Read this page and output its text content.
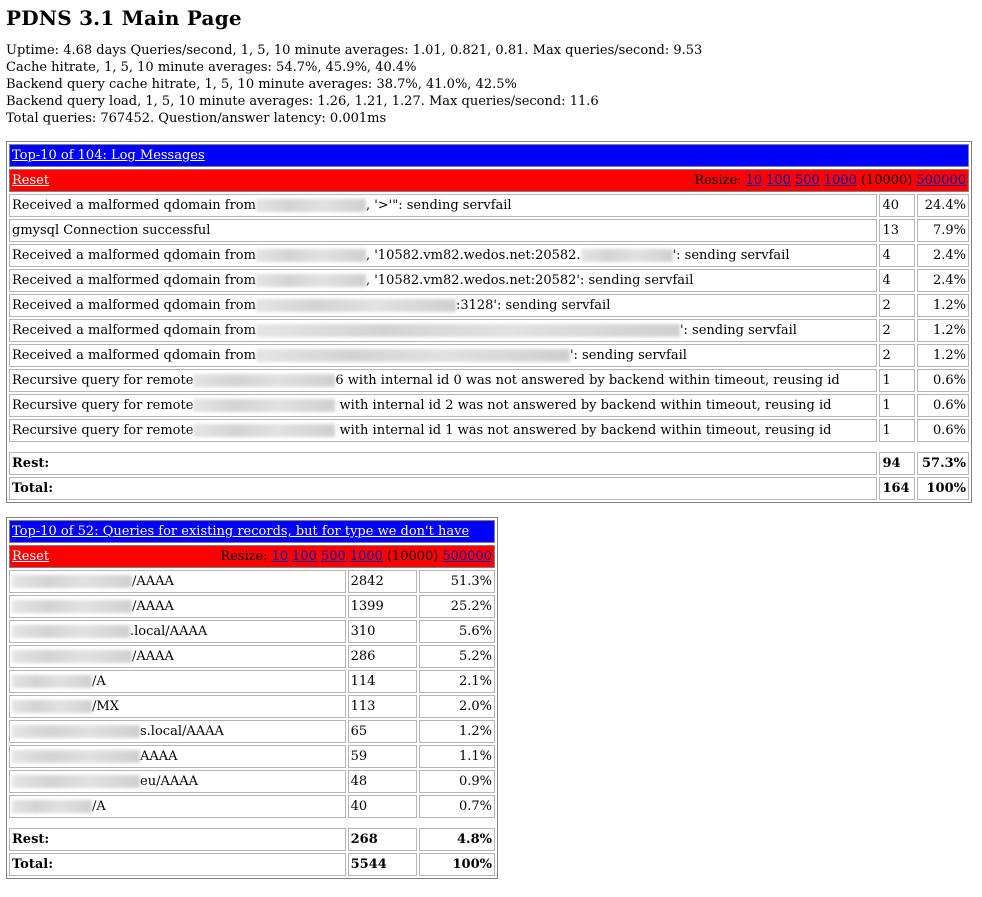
PDNS 3.1 Main Page
Uptime: 4.68 days Queries/second, 1, 5, 10 minute averages: 1.01, 0.821, 0.81. Max queries/second: 9.53
Cache hitrate, 1, 5, 10 minute averages: 54.7%, 45.9%, 40.4%
Backend query cache hitrate, 1, 5, 10 minute averages: 38.7%, 41.0%, 42.5%
Backend query load, 1, 5, 10 minute averages: 1.26, 1.21, 1.27. Max queries/second: 11.6
Total queries: 767452. Question/answer latency: 0.001ms
Top-10 of 104: Log Messages		
Reset Resize: 10 100 500 1000 (10000) 500000		

Received a malformed qdomain from , '>'": sending servfail	40	24.4%
gmysql Connection successful	13	7.9%
Received a malformed qdomain from , '10582.vm82.wedos.net:20582. ': sending servfail	4	2.4%
Received a malformed qdomain from , '10582.vm82.wedos.net:20582': sending servfail	4	2.4%
Received a malformed qdomain from :3128': sending servfail	2	1.2%
Received a malformed qdomain from ': sending servfail	2	1.2%
Received a malformed qdomain from ': sending servfail	2	1.2%
Recursive query for remote 6 with internal id 0 was not answered by backend within timeout, reusing id	1	0.6%
Recursive query for remote with internal id 2 was not answered by backend within timeout, reusing id	1	0.6%
Recursive query for remote with internal id 1 was not answered by backend within timeout, reusing id	1	0.6%

Rest:	94	57.3%
Total:	164	100%
Top-10 of 52: Queries for existing records, but for type we don't have		
Reset Resize: 10 100 500 1000 (10000) 500000		

/AAAA	2842	51.3%
/AAAA	1399	25.2%
.local/AAAA	310	5.6%
/AAAA	286	5.2%
/A	114	2.1%
/MX	113	2.0%
s.local/AAAA	65	1.2%
AAAA	59	1.1%
eu/AAAA	48	0.9%
/A	40	0.7%

Rest:	268	4.8%
Total:	5544	100%
